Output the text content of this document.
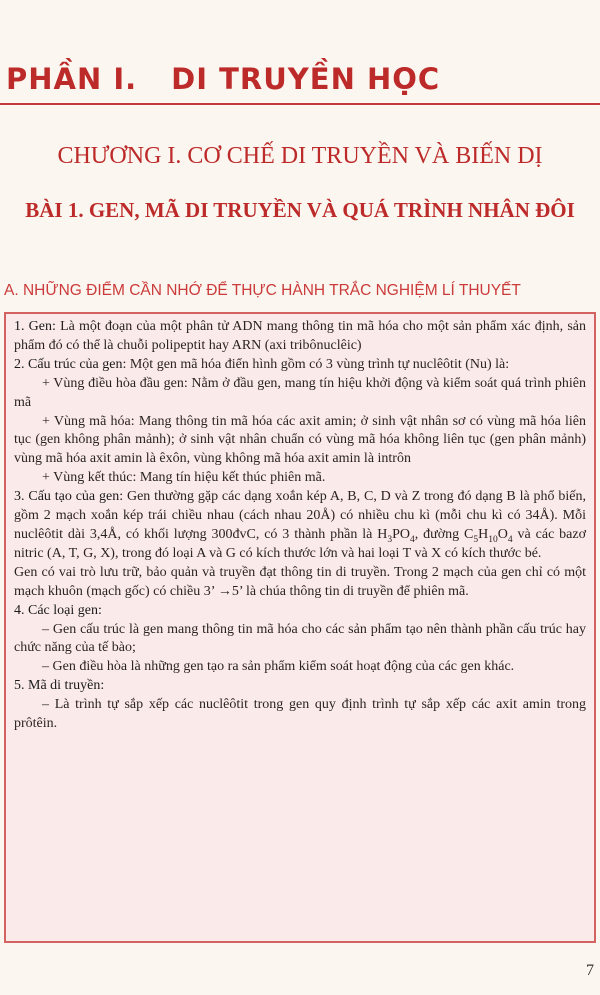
PHẦN I. DI TRUYỀN HỌC
CHƯƠNG I. CƠ CHẾ DI TRUYỀN VÀ BIẾN DỊ
BÀI 1. GEN, MÃ DI TRUYỀN VÀ QUÁ TRÌNH NHÂN ĐÔI
A. NHỮNG ĐIỂM CẦN NHỚ ĐỂ THỰC HÀNH TRẮC NGHIỆM LÍ THUYẾT

1. Gen: Là một đoạn của một phân tử ADN mang thông tin mã hóa cho một sản phẩm xác định, sản phẩm đó có thể là chuỗi polipeptit hay ARN (axi tribônuclêic)

2. Cấu trúc của gen: Một gen mã hóa điển hình gồm có 3 vùng trình tự nuclêôtit (Nu) là:

+ Vùng điều hòa đầu gen: Nằm ở đầu gen, mang tín hiệu khởi động và kiểm soát quá trình phiên mã

+ Vùng mã hóa: Mang thông tin mã hóa các axit amin; ở sinh vật nhân sơ có vùng mã hóa liên tục (gen không phân mảnh); ở sinh vật nhân chuẩn có vùng mã hóa không liên tục (gen phân mảnh) vùng mã hóa axit amin là êxôn, vùng không mã hóa axit amin là intrôn

+ Vùng kết thúc: Mang tín hiệu kết thúc phiên mã.

3. Cấu tạo của gen: Gen thường gặp các dạng xoắn kép A, B, C, D và Z trong đó dạng B là phổ biến, gồm 2 mạch xoắn kép trái chiều nhau (cách nhau 20Å) có nhiều chu kì (mỗi chu kì có 34Å). Mỗi nuclêôtit dài 3,4Å, có khối lượng 300đvC, có 3 thành phần là $H_3PO_4$, đường $C_5H_{10}O_4$ và các bazơ nitric (A, T, G, X), trong đó loại A và G có kích thước lớn và hai loại T và X có kích thước bé.

Gen có vai trò lưu trữ, bảo quản và truyền đạt thông tin di truyền. Trong 2 mạch của gen chỉ có một mạch khuôn (mạch gốc) có chiều 3’ →5’ là chúa thông tin di truyền để phiên mã.

4. Các loại gen:

– Gen cấu trúc là gen mang thông tin mã hóa cho các sản phẩm tạo nên thành phần cấu trúc hay chức năng của tế bào;

– Gen điều hòa là những gen tạo ra sản phẩm kiểm soát hoạt động của các gen khác.

5. Mã di truyền:

– Là trình tự sắp xếp các nuclêôtit trong gen quy định trình tự sắp xếp các axit amin trong prôtêin.

7
